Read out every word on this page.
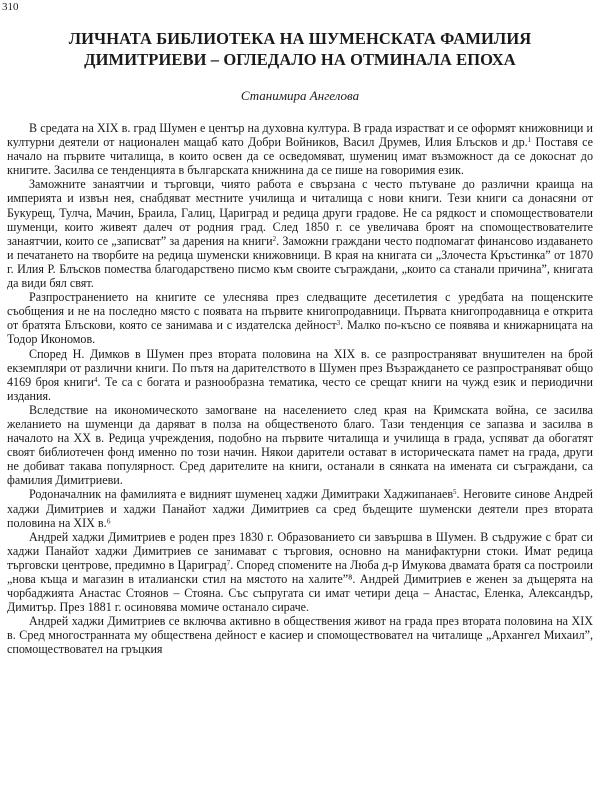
310
ЛИЧНАТА БИБЛИОТЕКА НА ШУМЕНСКАТА ФАМИЛИЯ
ДИМИТРИЕВИ – ОГЛЕДАЛО НА ОТМИНАЛА ЕПОХА
Станимира Ангелова

В средата на XIX в. град Шумен е център на духовна култура. В града израстват и се оформят книжовници и културни деятели от национален мащаб като Добри Войников, Васил Друмев, Илия Блъсков и др.$^1$ Поставя се начало на първите читалища, в които освен да се осведомяват, шумениц имат възможност да се докоснат до книгите. Засилва се тенденцията в българската книжнина да се пише на говоримия език.

Заможните занаятчии и търговци, чиято работа е свързана с често пътуване до различни краища на империята и извън нея, снабдяват местните училища и читалища с нови книги. Тези книги са донасяни от Букурещ, Тулча, Мачин, Браила, Галиц, Цариград и редица други градове. Не са рядкост и спомоществователи шуменци, които живеят далеч от родния град. След 1850 г. се увеличава броят на спомоществователите занаятчии, които се „записват” за дарения на книги$^2$. Заможни граждани често подпомагат финансово издаването и печатането на творбите на редица шуменски книжовници. В края на книгата си „Злочеста Кръстинка” от 1870 г. Илия Р. Блъсков помества благодарствено писмо към своите съграждани, „които са станали причина”, книгата да види бял свят.

Разпространението на книгите се улеснява през следващите десетилетия с уредбата на пощенските съобщения и не на последно място с появата на първите книгопродавници. Първата книгопродавница е открита от братята Блъскови, която се занимава и с издателска дейност$^3$. Малко по-късно се появява и книжарницата на Тодор Икономов.

Според Н. Димков в Шумен през втората половина на XIX в. се разпространяват внушителен на брой екземпляри от различни книги. По пътя на дарителството в Шумен през Възраждането се разпространяват общо 4169 броя книги$^4$. Те са с богата и разнообразна тематика, често се срещат книги на чужд език и периодични издания.

Вследствие на икономическото замогване на населението след края на Кримската война, се засилва желанието на шуменци да даряват в полза на общественото благо. Тази тенденция се запазва и засилва в началото на XX в. Редица учреждения, подобно на първите читалища и училища в града, успяват да обогатят своят библиотечен фонд именно по този начин. Някои дарители остават в историческата памет на града, други не добиват такава популярност. Сред дарителите на книги, останали в сянката на имената си съграждани, са фамилия Димитриеви.

Родоначалник на фамилията е видният шуменец хаджи Димитраки Хаджипанаев$^5$. Неговите синове Андрей хаджи Димитриев и хаджи Панайот хаджи Димитриев са сред бъдещите шуменски деятели през втората половина на XIX в.⁶

Андрей хаджи Димитриев е роден през 1830 г. Образованието си завършва в Шумен. В съдружие с брат си хаджи Панайот хаджи Димитриев се занимават с търговия, основно на манифактурни стоки. Имат редица търговски центрове, предимно в Цариград$^7$. Според спомените на Люба д-р Имукова двамата братя са построили „нова къща и магазин в италиански стил на мястото на халите”⁸. Андрей Димитриев е женен за дъщерята на чорбаджията Анастас Стоянов – Стояна. Със съпругата си имат четири деца – Анастас, Еленка, Александър, Димитър. През 1881 г. осиновява момиче останало сираче.

Андрей хаджи Димитриев се включва активно в обществения живот на града през втората половина на XIX в. Сред многостранната му обществена дейност е касиер и спомоществовател на читалище „Архангел Михаил”, спомоществовател на гръцкия
